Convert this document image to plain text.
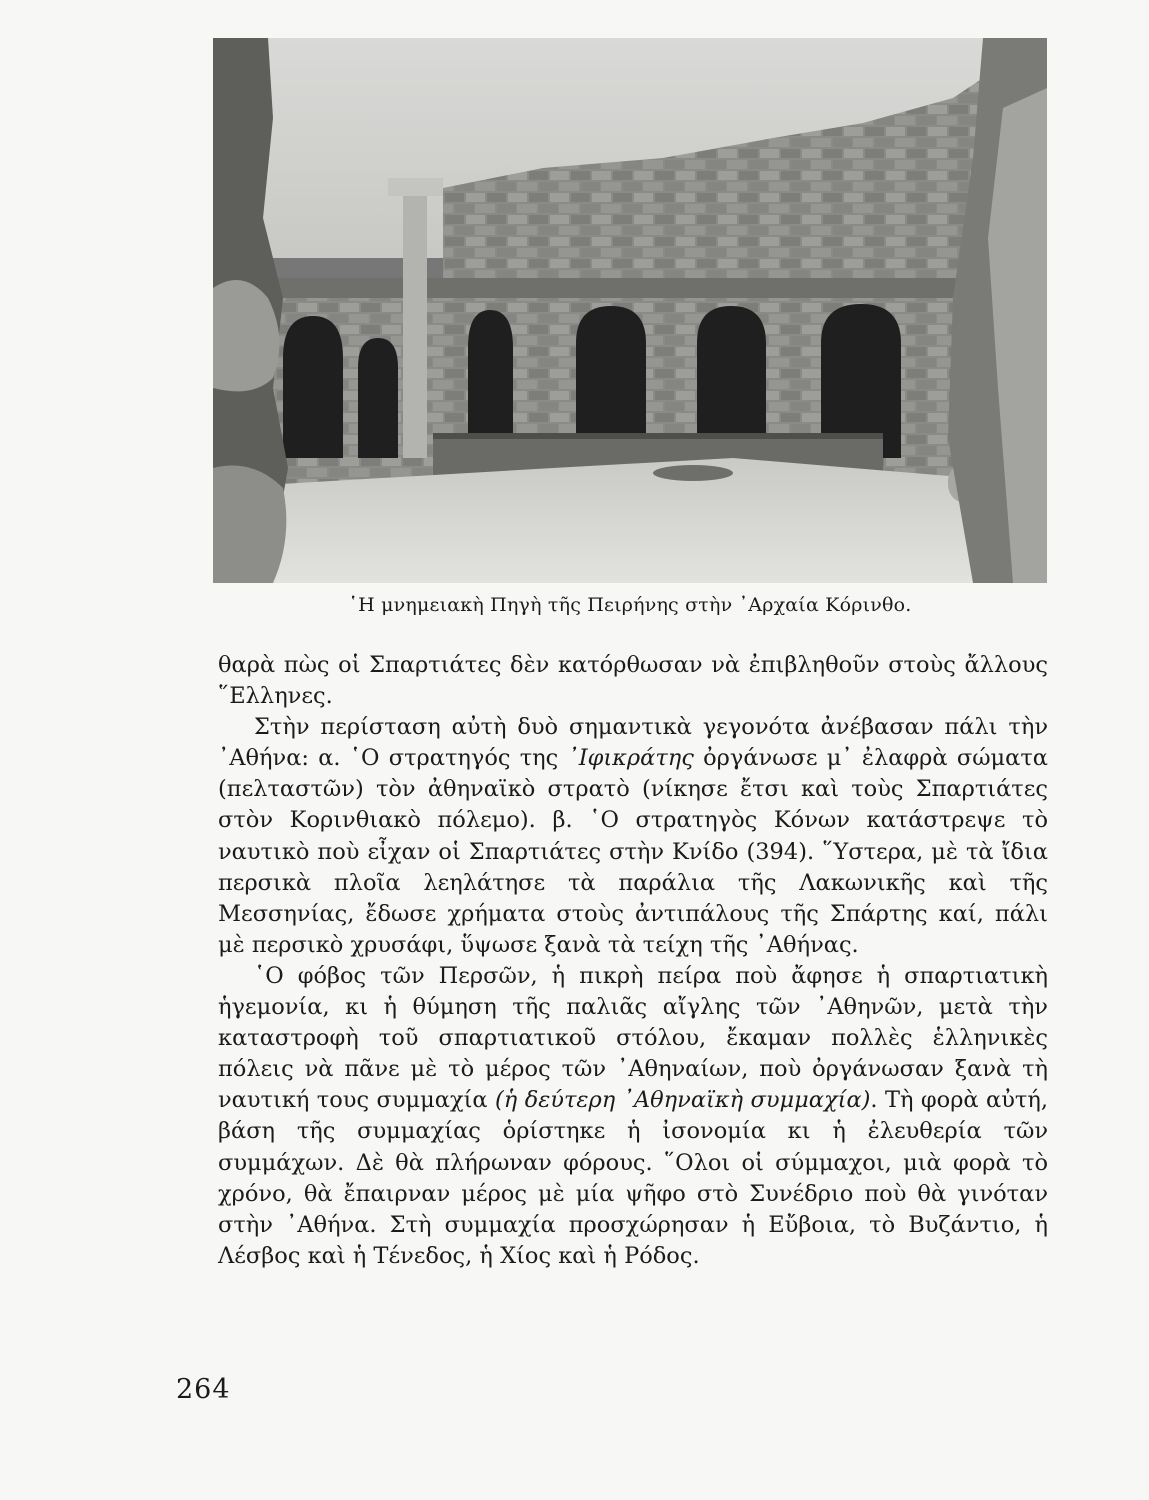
῾Η μνημειακὴ Πηγὴ τῆς Πειρήνης στὴν ᾿Αρχαία Κόρινθο.

θαρὰ πὼς οἱ Σπαρτιάτες δὲν κατόρθωσαν νὰ ἐπιβληθοῦν στοὺς ἄλλους ῞Ελληνες.

Στὴν περίσταση αὐτὴ δυὸ σημαντικὰ γεγονότα ἀνέβασαν πάλι τὴν ᾿Αθήνα: α. ῾Ο στρατηγός της ᾿Ιφικράτης ὀργάνωσε μ᾿ ἐλαφρὰ σώματα (πελταστῶν) τὸν ἀθηναϊκὸ στρατὸ (νίκησε ἔτσι καὶ τοὺς Σπαρτιάτες στὸν Κορινθιακὸ πόλεμο). β. ῾Ο στρατηγὸς Κόνων κατάστρεψε τὸ ναυτικὸ ποὺ εἶχαν οἱ Σπαρτιάτες στὴν Κνίδο (394). ῞Υστερα, μὲ τὰ ἴδια περσικὰ πλοῖα λεηλάτησε τὰ παράλια τῆς Λακωνικῆς καὶ τῆς Μεσσηνίας, ἔδωσε χρήματα στοὺς ἀντιπάλους τῆς Σπάρτης καί, πάλι μὲ περσικὸ χρυσάφι, ὕψωσε ξανὰ τὰ τείχη τῆς ᾿Αθήνας.

῾Ο φόβος τῶν Περσῶν, ἡ πικρὴ πείρα ποὺ ἄφησε ἡ σπαρτιατικὴ ἡγεμονία, κι ἡ θύμηση τῆς παλιᾶς αἴγλης τῶν ᾿Αθηνῶν, μετὰ τὴν καταστροφὴ τοῦ σπαρτιατικοῦ στόλου, ἔκαμαν πολλὲς ἑλληνικὲς πόλεις νὰ πᾶνε μὲ τὸ μέρος τῶν ᾿Αθηναίων, ποὺ ὀργάνωσαν ξανὰ τὴ ναυτική τους συμμαχία (ἡ δεύτερη ᾿Αθηναϊκὴ συμμαχία). Τὴ φορὰ αὐτή, βάση τῆς συμμαχίας ὁρίστηκε ἡ ἰσονομία κι ἡ ἐλευθερία τῶν συμμάχων. Δὲ θὰ πλήρωναν φόρους. ῞Ολοι οἱ σύμμαχοι, μιὰ φορὰ τὸ χρόνο, θὰ ἔπαιρναν μέρος μὲ μία ψῆφο στὸ Συνέδριο ποὺ θὰ γινόταν στὴν ᾿Αθήνα. Στὴ συμμαχία προσχώρησαν ἡ Εὔβοια, τὸ Βυζάντιο, ἡ Λέσβος καὶ ἡ Τένεδος, ἡ Χίος καὶ ἡ Ρόδος.

264
